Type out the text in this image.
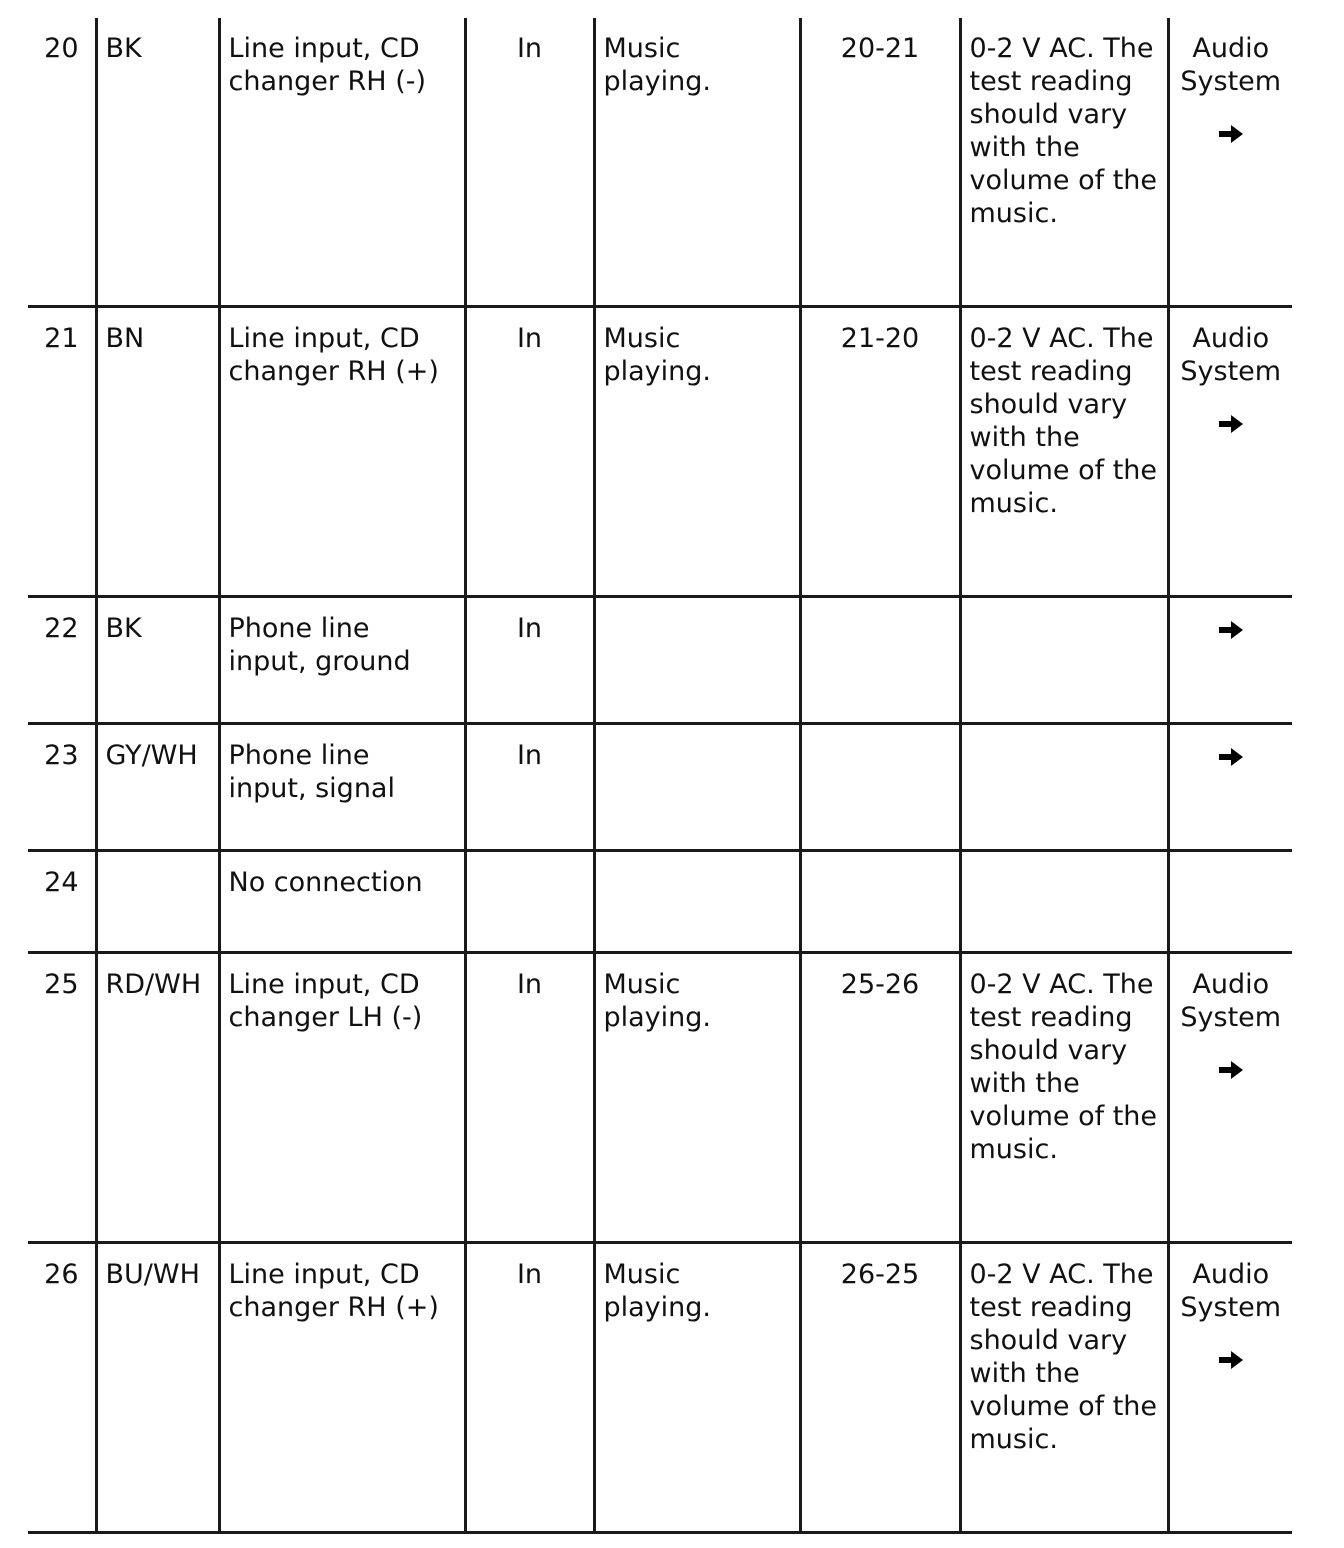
20	BK	Line input, CD changer RH (-)	In	Music playing.	20-21	0-2 V AC. The test reading should vary with the volume of the music.	Audio System

21	BN	Line input, CD changer RH (+)	In	Music playing.	21-20	0-2 V AC. The test reading should vary with the volume of the music.	Audio System

22	BK	Phone line input, ground	In				

23	GY/WH	Phone line input, signal	In				

24		No connection					
25	RD/WH	Line input, CD changer LH (-)	In	Music playing.	25-26	0-2 V AC. The test reading should vary with the volume of the music.	Audio System

26	BU/WH	Line input, CD changer RH (+)	In	Music playing.	26-25	0-2 V AC. The test reading should vary with the volume of the music.	Audio System
